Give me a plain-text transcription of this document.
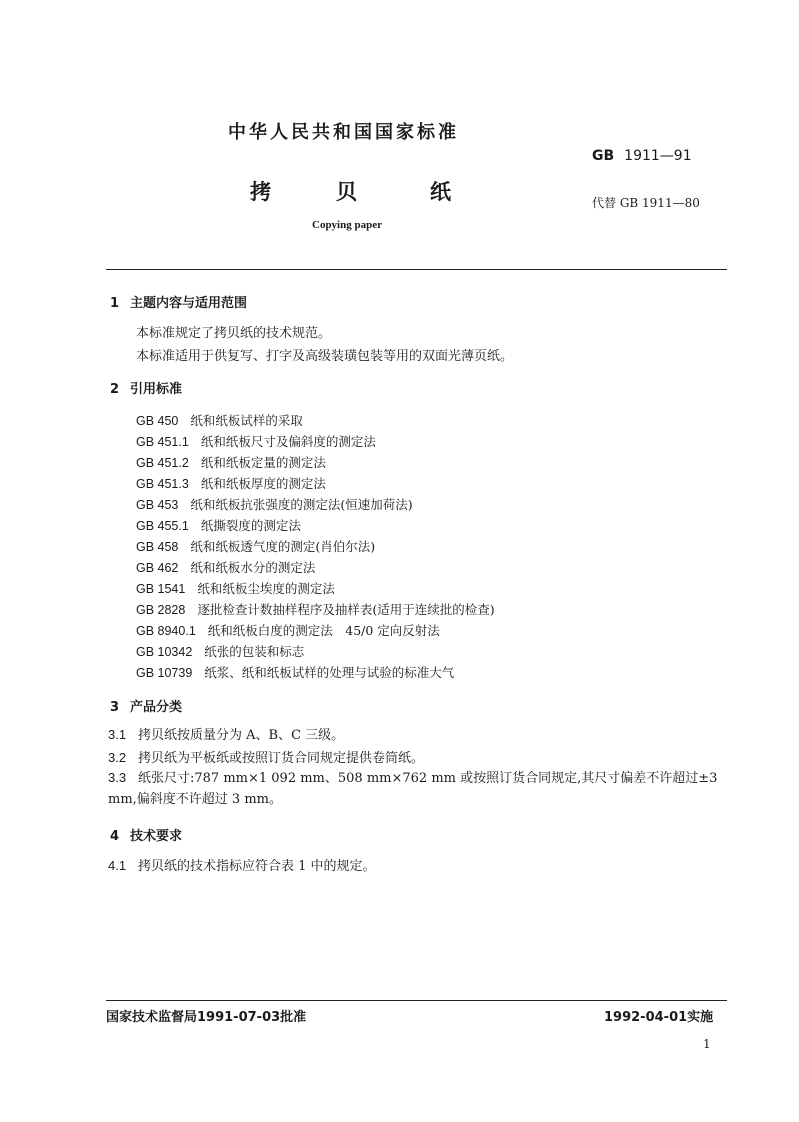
中华人民共和国国家标准
GB 1911—91
拷	贝	纸	代替 GB 1911—80
Copying paper
1 主题内容与适用范围
本标准规定了拷贝纸的技术规范。
本标准适用于供复写、打字及高级装璜包装等用的双面光薄页纸。
2 引用标准
GB 450 纸和纸板试样的采取
GB 451.1 纸和纸板尺寸及偏斜度的测定法
GB 451.2 纸和纸板定量的测定法
GB 451.3 纸和纸板厚度的测定法
GB 453 纸和纸板抗张强度的测定法(恒速加荷法)
GB 455.1 纸撕裂度的测定法
GB 458 纸和纸板透气度的测定(肖伯尔法)
GB 462 纸和纸板水分的测定法
GB 1541 纸和纸板尘埃度的测定法
GB 2828 逐批检查计数抽样程序及抽样表(适用于连续批的检查)
GB 8940.1 纸和纸板白度的测定法　45/0 定向反射法
GB 10342 纸张的包装和标志
GB 10739 纸浆、纸和纸板试样的处理与试验的标准大气
3 产品分类
3.1 拷贝纸按质量分为 A、B、C 三级。
3.2 拷贝纸为平板纸或按照订货合同规定提供卷筒纸。
3.3 纸张尺寸:787 mm×1 092 mm、508 mm×762 mm 或按照订货合同规定,其尺寸偏差不许超过±3 mm,偏斜度不许超过 3 mm。
4 技术要求
4.1 拷贝纸的技术指标应符合表 1 中的规定。
国家技术监督局1991-07-03批准	1992-04-01实施
1
